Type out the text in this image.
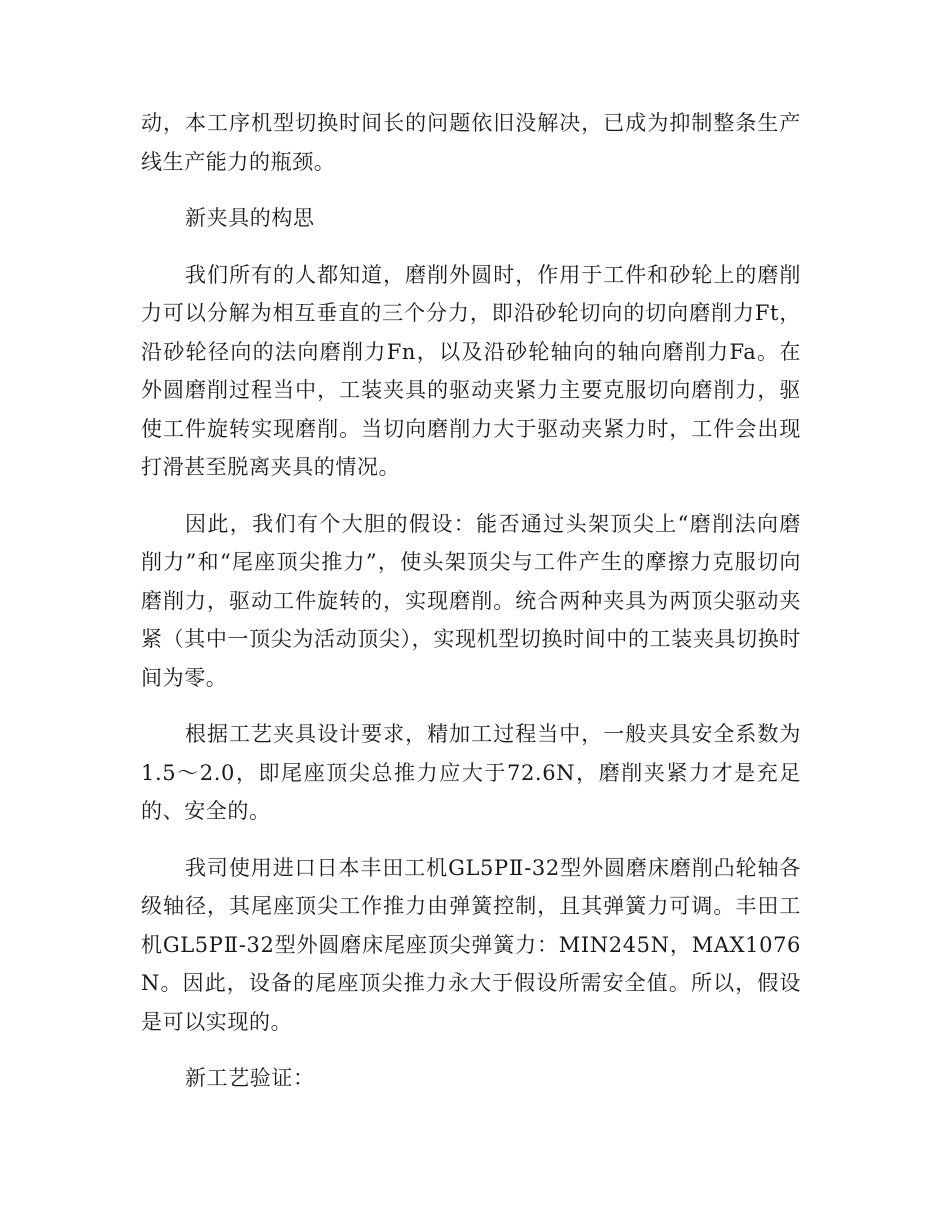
动，本工序机型切换时间长的问题依旧没解决，已成为抑制整条生产线生产能力的瓶颈。

新夹具的构思

我们所有的人都知道，磨削外圆时，作用于工件和砂轮上的磨削力可以分解为相互垂直的三个分力，即沿砂轮切向的切向磨削力Ft，沿砂轮径向的法向磨削力Fn，以及沿砂轮轴向的轴向磨削力Fa。在外圆磨削过程当中，工装夹具的驱动夹紧力主要克服切向磨削力，驱使工件旋转实现磨削。当切向磨削力大于驱动夹紧力时，工件会出现打滑甚至脱离夹具的情况。

因此，我们有个大胆的假设：能否通过头架顶尖上“磨削法向磨削力”和“尾座顶尖推力”，使头架顶尖与工件产生的摩擦力克服切向磨削力，驱动工件旋转的，实现磨削。统合两种夹具为两顶尖驱动夹紧（其中一顶尖为活动顶尖），实现机型切换时间中的工装夹具切换时间为零。

根据工艺夹具设计要求，精加工过程当中，一般夹具安全系数为1.5～2.0，即尾座顶尖总推力应大于72.6N，磨削夹紧力才是充足的、安全的。

我司使用进口日本丰田工机GL5PⅡ-32型外圆磨床磨削凸轮轴各级轴径，其尾座顶尖工作推力由弹簧控制，且其弹簧力可调。丰田工机GL5PⅡ-32型外圆磨床尾座顶尖弹簧力：MIN245N，MAX1076N。因此，设备的尾座顶尖推力永大于假设所需安全值。所以，假设是可以实现的。

新工艺验证：
